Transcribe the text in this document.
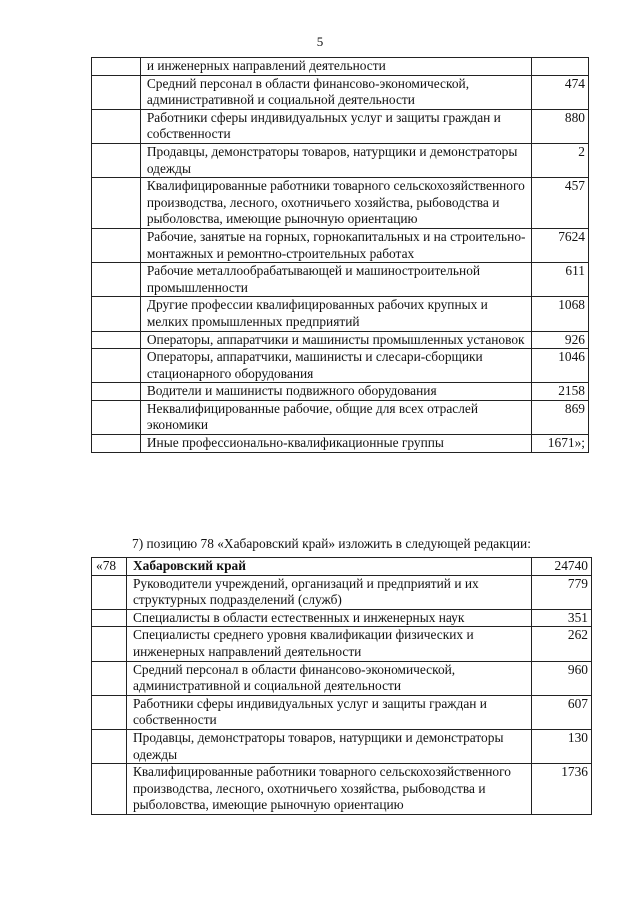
5
	и инженерных направлений деятельности	
	Средний персонал в области финансово-экономической, административной и социальной деятельности	474
	Работники сферы индивидуальных услуг и защиты граждан и собственности	880
	Продавцы, демонстраторы товаров, натурщики и демонстраторы одежды	2
	Квалифицированные работники товарного сельскохозяйственного производства, лесного, охотничьего хозяйства, рыбоводства и рыболовства, имеющие рыночную ориентацию	457
	Рабочие, занятые на горных, горнокапитальных и на строительно-монтажных и ремонтно-строительных работах	7624
	Рабочие металлообрабатывающей и машиностроительной промышленности	611
	Другие профессии квалифицированных рабочих крупных и мелких промышленных предприятий	1068
	Операторы, аппаратчики и машинисты промышленных установок	926
	Операторы, аппаратчики, машинисты и слесари-сборщики стационарного оборудования	1046
	Водители и машинисты подвижного оборудования	2158
	Неквалифицированные рабочие, общие для всех отраслей экономики	869
	Иные профессионально-квалификационные группы	1671»;
7) позицию 78 «Хабаровский край» изложить в следующей редакции:
«78	Хабаровский край	24740
	Руководители учреждений, организаций и предприятий и их структурных подразделений (служб)	779
	Специалисты в области естественных и инженерных наук	351
	Специалисты среднего уровня квалификации физических и инженерных направлений деятельности	262
	Средний персонал в области финансово-экономической, административной и социальной деятельности	960
	Работники сферы индивидуальных услуг и защиты граждан и собственности	607
	Продавцы, демонстраторы товаров, натурщики и демонстраторы одежды	130
	Квалифицированные работники товарного сельскохозяйственного производства, лесного, охотничьего хозяйства, рыбоводства и рыболовства, имеющие рыночную ориентацию	1736
